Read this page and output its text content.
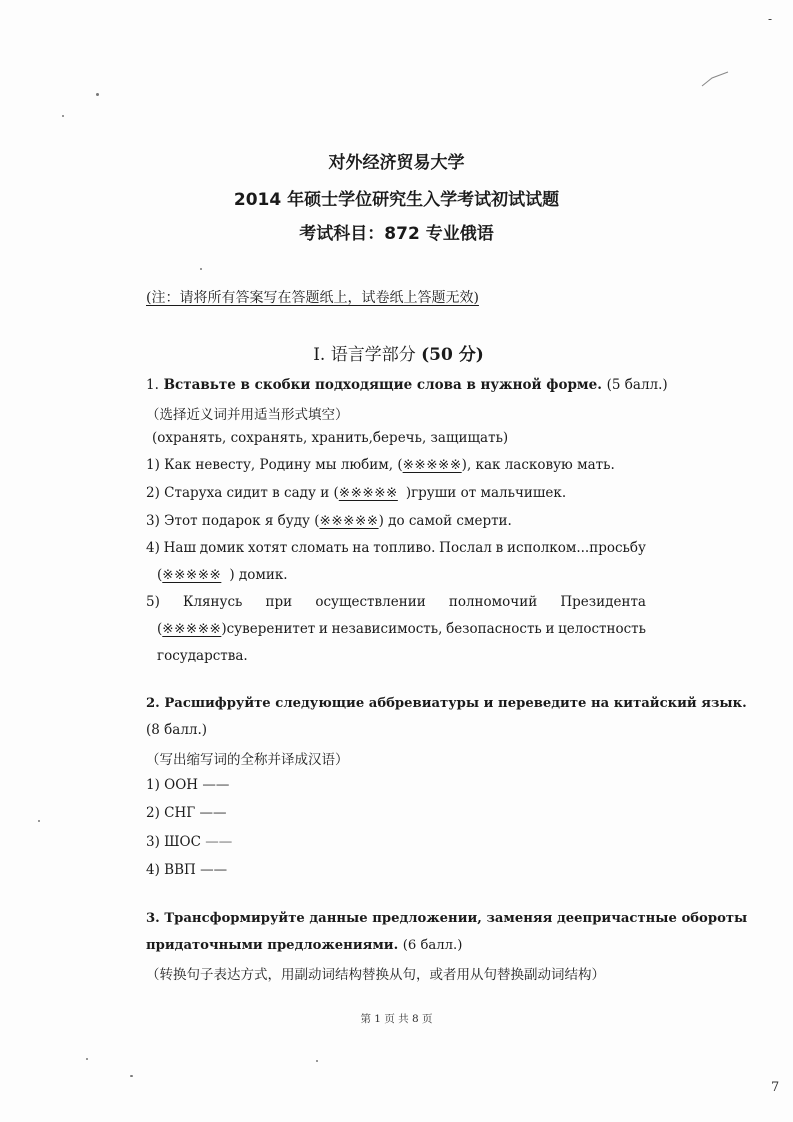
-
对外经济贸易大学
2014 年硕士学位研究生入学考试初试试题
考试科目：872 专业俄语
(注：请将所有答案写在答题纸上，试卷纸上答题无效)
Ⅰ. 语言学部分 (50 分)
1. Вставьте в скобки подходящие слова в нужной форме. (5 балл.)
（选择近义词并用适当形式填空）
(охранять, сохранять, хранить,беречь, защищать)
1) Как невесту, Родину мы любим, (※※※※※), как ласковую мать.
2) Старуха сидит в саду и (※※※※※ )груши от мальчишек.
3) Этот подарок я буду (※※※※※) до самой смерти.
4) Наш домик хотят сломать на топливо. Послал в исполком...просьбу
(※※※※※ ) домик.
5) Клянусь при осуществлении полномочий Президента
(※※※※※)суверенитет и независимость, безопасность и целостность
государства.
2. Расшифруйте следующие аббревиатуры и переведите на китайский язык.
(8 балл.)
（写出缩写词的全称并译成汉语）
1) ООН ——
2) СНГ ——
3) ШОС ——
4) ВВП ——
3. Трансформируйте данные предложении, заменяя деепричастные обороты
придаточными предложениями. (6 балл.)
（转换句子表达方式，用副动词结构替换从句，或者用从句替换副动词结构）
第 1 页 共 8 页
7
